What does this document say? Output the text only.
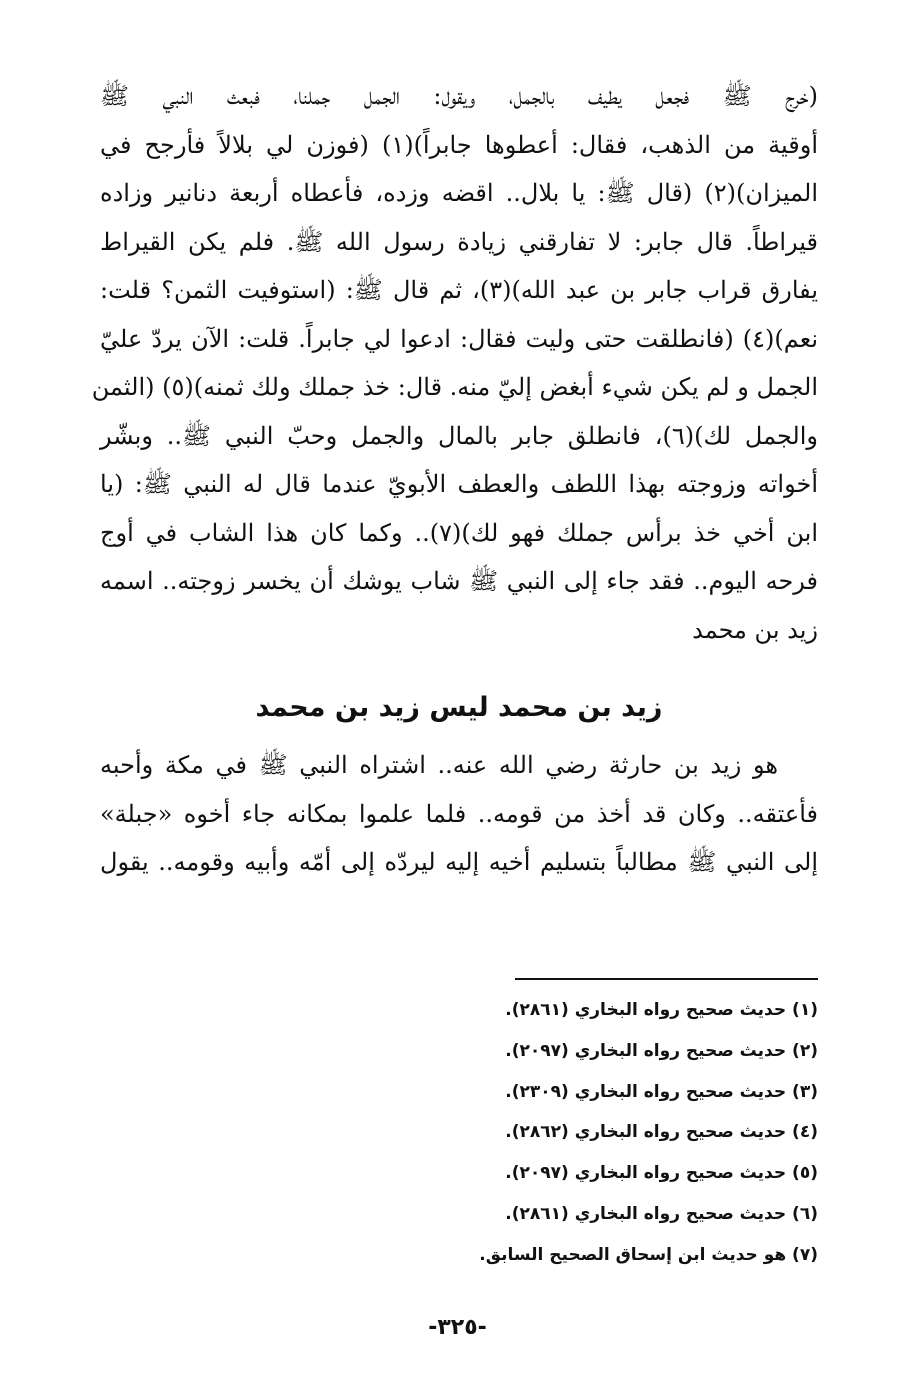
(خرج ﷺ فجعل يطيف بالجمل، ويقول: الجمل جملنا، فبعث النبي ﷺ
أوقية من الذهب، فقال: أعطوها جابراً)(١) (فوزن لي بلالاً فأرجح في
الميزان)(٢) (قال ﷺ: يا بلال.. اقضه وزده، فأعطاه أربعة دنانير وزاده
قيراطاً. قال جابر: لا تفارقني زيادة رسول الله ﷺ. فلم يكن القيراط
يفارق قراب جابر بن عبد الله)(٣)، ثم قال ﷺ: (استوفيت الثمن؟ قلت:
نعم)(٤) (فانطلقت حتى وليت فقال: ادعوا لي جابراً. قلت: الآن يردّ عليّ
الجمل و لم يكن شيء أبغض إليّ منه. قال: خذ جملك ولك ثمنه)(٥) (الثمن
والجمل لك)(٦)، فانطلق جابر بالمال والجمل وحبّ النبي ﷺ.. وبشّر
أخواته وزوجته بهذا اللطف والعطف الأبويّ عندما قال له النبي ﷺ: (يا
ابن أخي خذ برأس جملك فهو لك)(٧).. وكما كان هذا الشاب في أوج
فرحه اليوم.. فقد جاء إلى النبي ﷺ شاب يوشك أن يخسر زوجته.. اسمه
زيد بن محمد
زيد بن محمد ليس زيد بن محمد
هو زيد بن حارثة رضي الله عنه.. اشتراه النبي ﷺ في مكة وأحبه
فأعتقه.. وكان قد أخذ من قومه.. فلما علموا بمكانه جاء أخوه «جبلة»
إلى النبي ﷺ مطالباً بتسليم أخيه إليه ليردّه إلى أمّه وأبيه وقومه.. يقول
(١) حديث صحيح رواه البخاري (٢٨٦١).
(٢) حديث صحيح رواه البخاري (٢٠٩٧).
(٣) حديث صحيح رواه البخاري (٢٣٠٩).
(٤) حديث صحيح رواه البخاري (٢٨٦٢).
(٥) حديث صحيح رواه البخاري (٢٠٩٧).
(٦) حديث صحيح رواه البخاري (٢٨٦١).
(٧) هو حديث ابن إسحاق الصحيح السابق.
-٣٢٥-
